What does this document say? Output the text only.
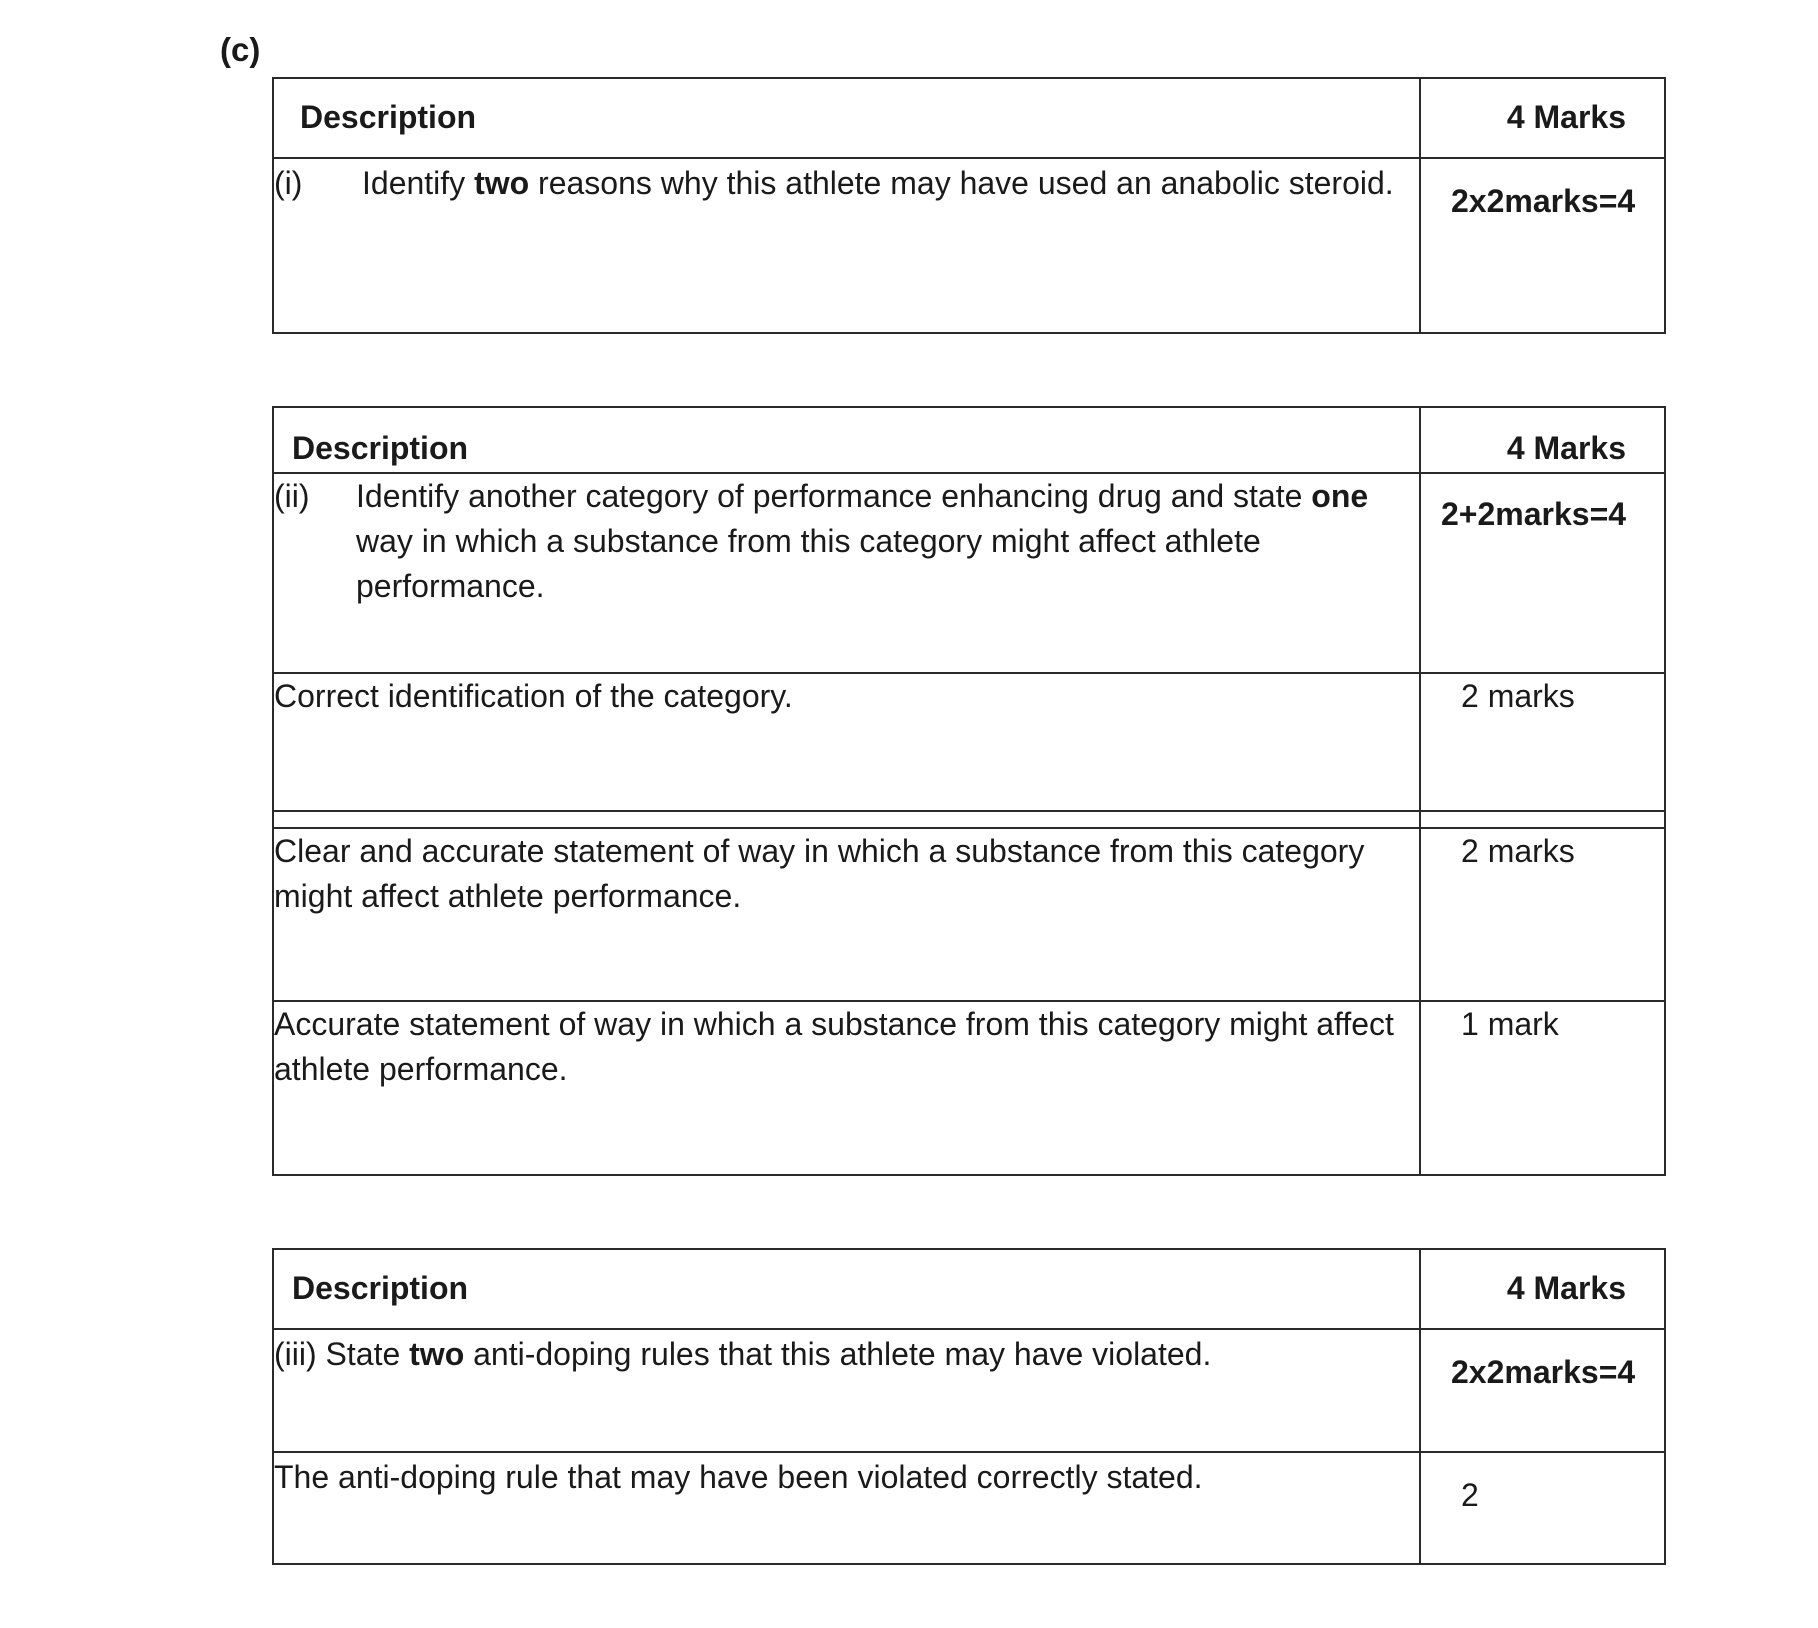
(c)
Description	4 Marks

(i) Identify two reasons why this athlete may have used an anabolic steroid.	2x2marks=4
Description	4 Marks

(ii) Identify another category of performance enhancing drug and state one way in which a substance from this category might affect athlete performance.	2+2marks=4

Correct identification of the category.	2 marks

Clear and accurate statement of way in which a substance from this category might affect athlete performance.	2 marks

Accurate statement of way in which a substance from this category might affect athlete performance.	1 mark
Description	4 Marks

(iii) State two anti-doping rules that this athlete may have violated.	2x2marks=4

The anti-doping rule that may have been violated correctly stated.	2
